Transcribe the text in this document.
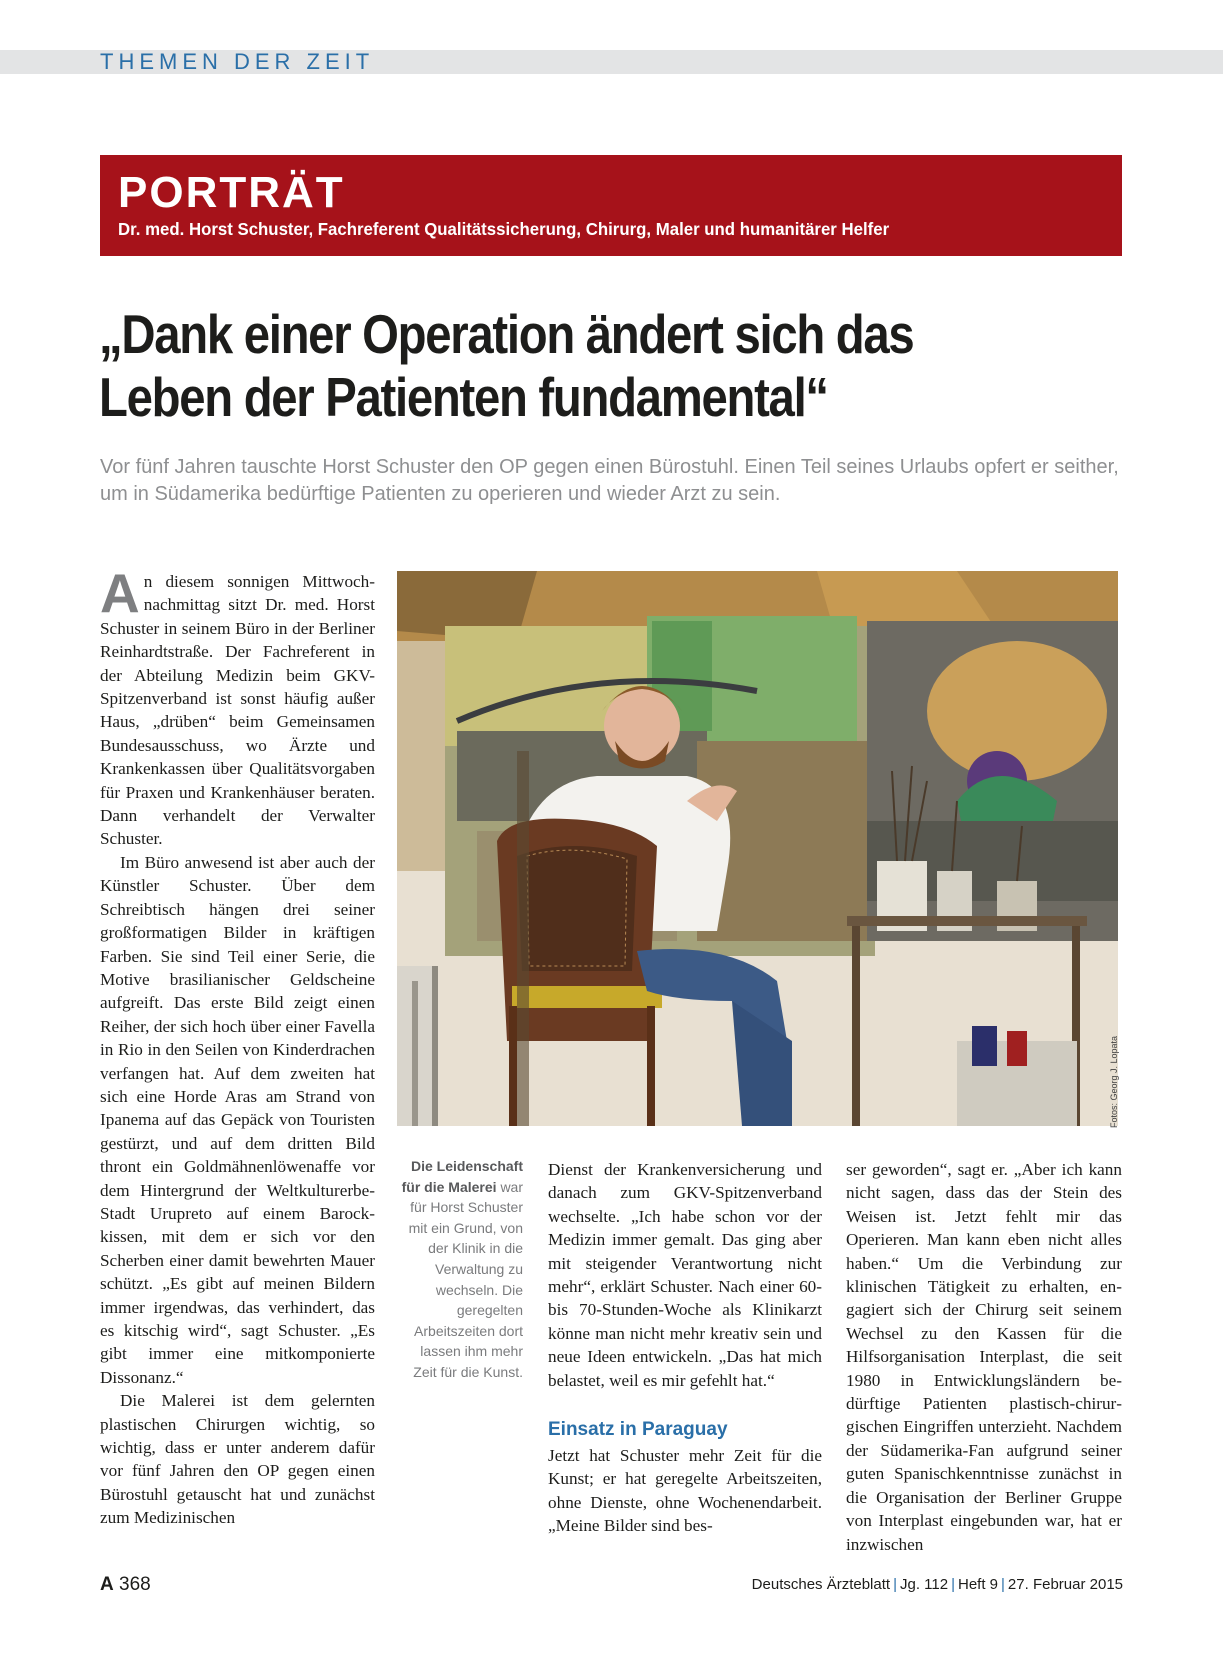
THEMEN DER ZEIT
PORTRÄT
Dr. med. Horst Schuster, Fachreferent Qualitätssicherung, Chirurg, Maler und humanitärer Helfer
„Dank einer Operation ändert sich das
Leben der Patienten fundamental“
Vor fünf Jahren tauschte Horst Schuster den OP gegen einen Bürostuhl. Einen Teil seines Urlaubs opfert er seither, um in Südamerika bedürftige Patienten zu operieren und wieder Arzt zu sein.

An diesem sonnigen Mittwochnachmittag sitzt Dr. med. Horst Schuster in seinem Büro in der Berliner Reinhardtstraße. Der Fachreferent in der Abteilung Medizin beim GKV-Spitzenverband ist sonst häufig außer Haus, „drüben“ beim Gemeinsamen Bundesausschuss, wo Ärzte und Krankenkassen über Qualitätsvorgaben für Praxen und Krankenhäuser beraten. Dann verhandelt der Verwalter Schuster.

Im Büro anwesend ist aber auch der Künstler Schuster. Über dem Schreibtisch hängen drei seiner großformatigen Bilder in kräftigen Farben. Sie sind Teil einer Serie, die Motive brasilianischer Geldscheine aufgreift. Das erste Bild zeigt einen Reiher, der sich hoch über einer Favella in Rio in den Seilen von Kinderdrachen verfangen hat. Auf dem zweiten hat sich eine Horde Aras am Strand von Ipanema auf das Gepäck von Touristen gestürzt, und auf dem dritten Bild thront ein Goldmähnenlöwenaffe vor dem Hintergrund der Weltkulturerbe-Stadt Urupreto auf einem Barockkissen, mit dem er sich vor den Scherben einer damit bewehrten Mauer schützt. „Es gibt auf meinen Bildern immer irgendwas, das verhindert, das es kitschig wird“, sagt Schuster. „Es gibt immer eine mitkomponierte Dissonanz.“

Die Malerei ist dem gelernten plastischen Chirurgen wichtig, so wichtig, dass er unter anderem dafür vor fünf Jahren den OP gegen einen Bürostuhl getauscht hat und zunächst zum Medizinischen

Fotos: Georg J. Lopata
Die Leidenschaft für die Malerei war für Horst Schuster mit ein Grund, von der Klinik in die Verwaltung zu wechseln. Die geregelten Arbeitszeiten dort lassen ihm mehr Zeit für die Kunst.

Dienst der Krankenversicherung und danach zum GKV-Spitzenverband wechselte. „Ich habe schon vor der Medizin immer gemalt. Das ging aber mit steigender Verantwortung nicht mehr“, erklärt Schuster. Nach einer 60- bis 70-Stunden-Woche als Klinikarzt könne man nicht mehr kreativ sein und neue Ideen entwickeln. „Das hat mich belastet, weil es mir gefehlt hat.“

Einsatz in Paraguay

Jetzt hat Schuster mehr Zeit für die Kunst; er hat geregelte Arbeitszeiten, ohne Dienste, ohne Wochenendarbeit. „Meine Bilder sind bes-

ser geworden“, sagt er. „Aber ich kann nicht sagen, dass das der Stein des Weisen ist. Jetzt fehlt mir das Operieren. Man kann eben nicht alles haben.“ Um die Verbindung zur klinischen Tätigkeit zu erhalten, engagiert sich der Chirurg seit seinem Wechsel zu den Kassen für die Hilfsorganisation Interplast, die seit 1980 in Entwicklungsländern bedürftige Patienten plastisch-chirurgischen Eingriffen unterzieht. Nachdem der Südamerika-Fan aufgrund seiner guten Spanischkenntnisse zunächst in die Organisation der Berliner Gruppe von Interplast eingebunden war, hat er inzwischen

A 368	Deutsches Ärzteblatt | Jg. 112 | Heft 9 | 27. Februar 2015
